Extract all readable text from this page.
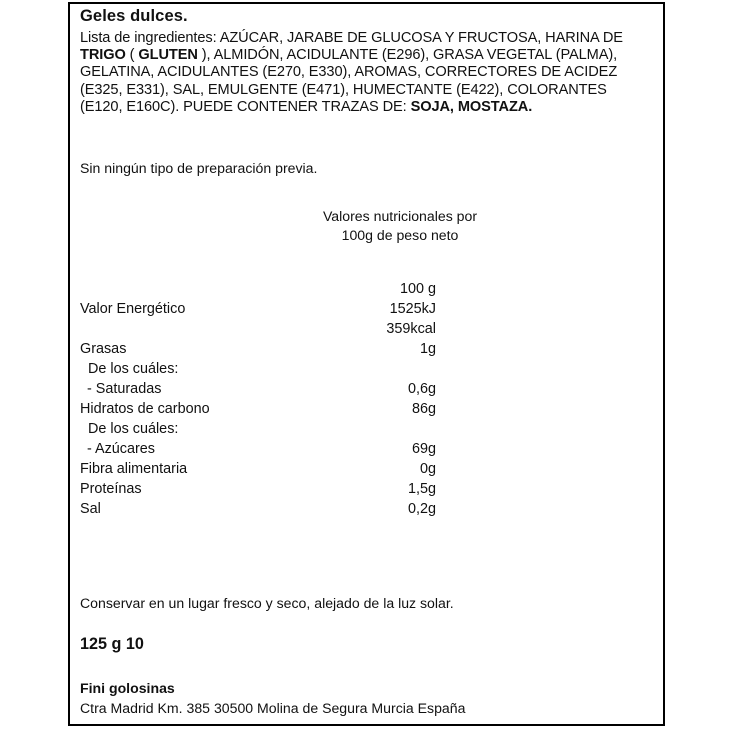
Geles dulces.
Lista de ingredientes: AZÚCAR, JARABE DE GLUCOSA Y FRUCTOSA, HARINA DE TRIGO ( GLUTEN ), ALMIDÓN, ACIDULANTE (E296), GRASA VEGETAL (PALMA), GELATINA, ACIDULANTES (E270, E330), AROMAS, CORRECTORES DE ACIDEZ (E325, E331), SAL, EMULGENTE (E471), HUMECTANTE (E422), COLORANTES (E120, E160C). PUEDE CONTENER TRAZAS DE: SOJA, MOSTAZA.
Sin ningún tipo de preparación previa.
Valores nutricionales por
100g de peso neto
100 g
Valor Energético	1525kJ
359kcal
Grasas	1g
De los cuáles:
- Saturadas	0,6g
Hidratos de carbono	86g
De los cuáles:
- Azúcares	69g
Fibra alimentaria	0g
Proteínas	1,5g
Sal	0,2g
Conservar en un lugar fresco y seco, alejado de la luz solar.
125 g 10
Fini golosinas
Ctra Madrid Km. 385 30500 Molina de Segura Murcia España
